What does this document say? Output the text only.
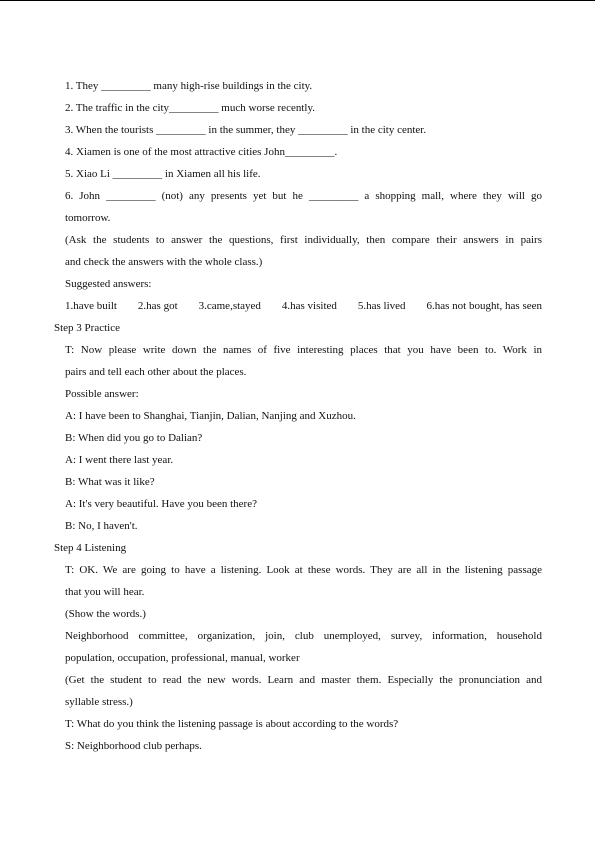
1. They _________ many high-rise buildings in the city.
2. The traffic in the city_________ much worse recently.
3. When the tourists _________ in the summer, they _________ in the city center.
4. Xiamen is one of the most attractive cities John_________.
5. Xiao Li _________ in Xiamen all his life.
6. John _________ (not) any presents yet but he _________ a shopping mall, where they will go
tomorrow.
(Ask the students to answer the questions, first individually, then compare their answers in pairs
and check the answers with the whole class.)
Suggested answers:
1.have built 2.has got 3.came,stayed 4.has visited 5.has lived 6.has not bought, has seen
Step 3 Practice
T: Now please write down the names of five interesting places that you have been to. Work in
pairs and tell each other about the places.
Possible answer:
A: I have been to Shanghai, Tianjin, Dalian, Nanjing and Xuzhou.
B: When did you go to Dalian?
A: I went there last year.
B: What was it like?
A: It's very beautiful. Have you been there?
B: No, I haven't.
Step 4 Listening
T: OK. We are going to have a listening. Look at these words. They are all in the listening passage
that you will hear.
(Show the words.)
Neighborhood committee, organization, join, club unemployed, survey, information, household
population, occupation, professional, manual, worker
(Get the student to read the new words. Learn and master them. Especially the pronunciation and
syllable stress.)
T: What do you think the listening passage is about according to the words?
S: Neighborhood club perhaps.
